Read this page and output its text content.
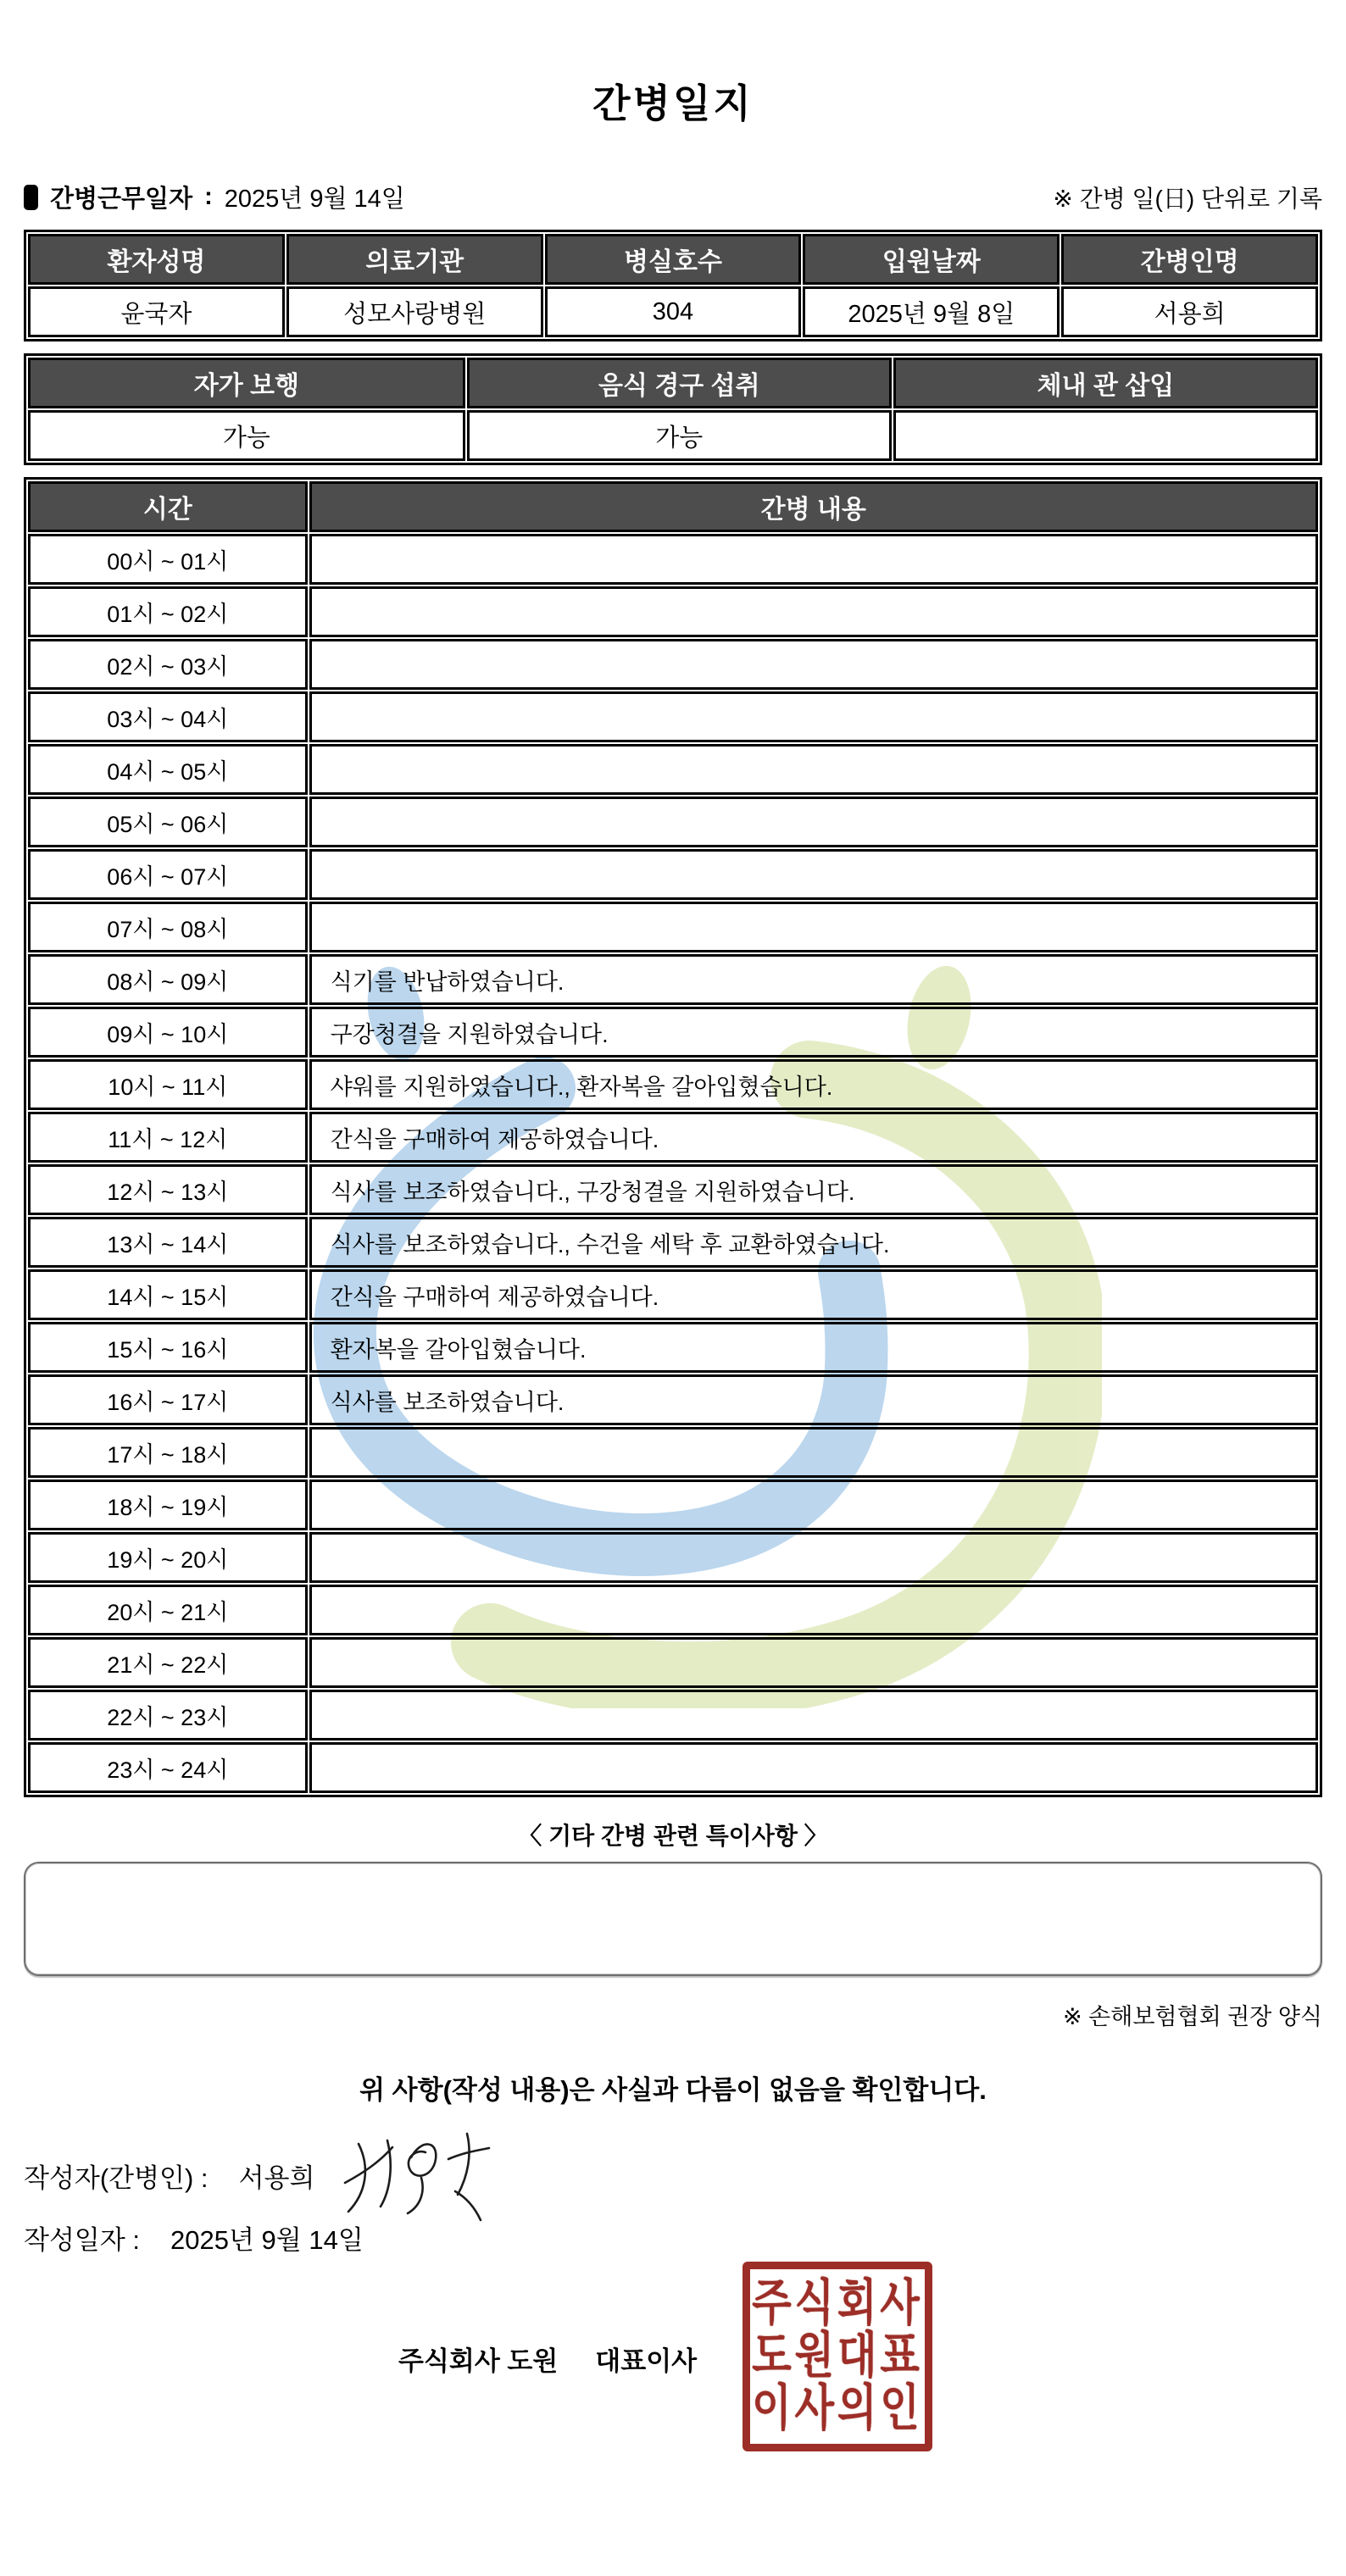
간병일지
간병근무일자 : 2025년 9월 14일	※ 간병 일(日) 단위로 기록
환자성명	의료기관	병실호수	입원날짜	간병인명
윤국자	성모사랑병원	304	2025년 9월 8일	서용희
자가 보행	음식 경구 섭취	체내 관 삽입
가능	가능	
시간	간병 내용
00시 ~ 01시	
01시 ~ 02시	
02시 ~ 03시	
03시 ~ 04시	
04시 ~ 05시	
05시 ~ 06시	
06시 ~ 07시	
07시 ~ 08시	
08시 ~ 09시	식기를 반납하였습니다.
09시 ~ 10시	구강청결을 지원하였습니다.
10시 ~ 11시	샤워를 지원하였습니다., 환자복을 갈아입혔습니다.
11시 ~ 12시	간식을 구매하여 제공하였습니다.
12시 ~ 13시	식사를 보조하였습니다., 구강청결을 지원하였습니다.
13시 ~ 14시	식사를 보조하였습니다., 수건을 세탁 후 교환하였습니다.
14시 ~ 15시	간식을 구매하여 제공하였습니다.
15시 ~ 16시	환자복을 갈아입혔습니다.
16시 ~ 17시	식사를 보조하였습니다.
17시 ~ 18시	
18시 ~ 19시	
19시 ~ 20시	
20시 ~ 21시	
21시 ~ 22시	
22시 ~ 23시	
23시 ~ 24시	
〈 기타 간병 관련 특이사항 〉
※ 손해보험협회 권장 양식
위 사항(작성 내용)은 사실과 다름이 없음을 확인합니다.
작성자(간병인) : 서용희
작성일자 : 2025년 9월 14일
주식회사 도원 대표이사
주식회사
도원대표
이사의인
